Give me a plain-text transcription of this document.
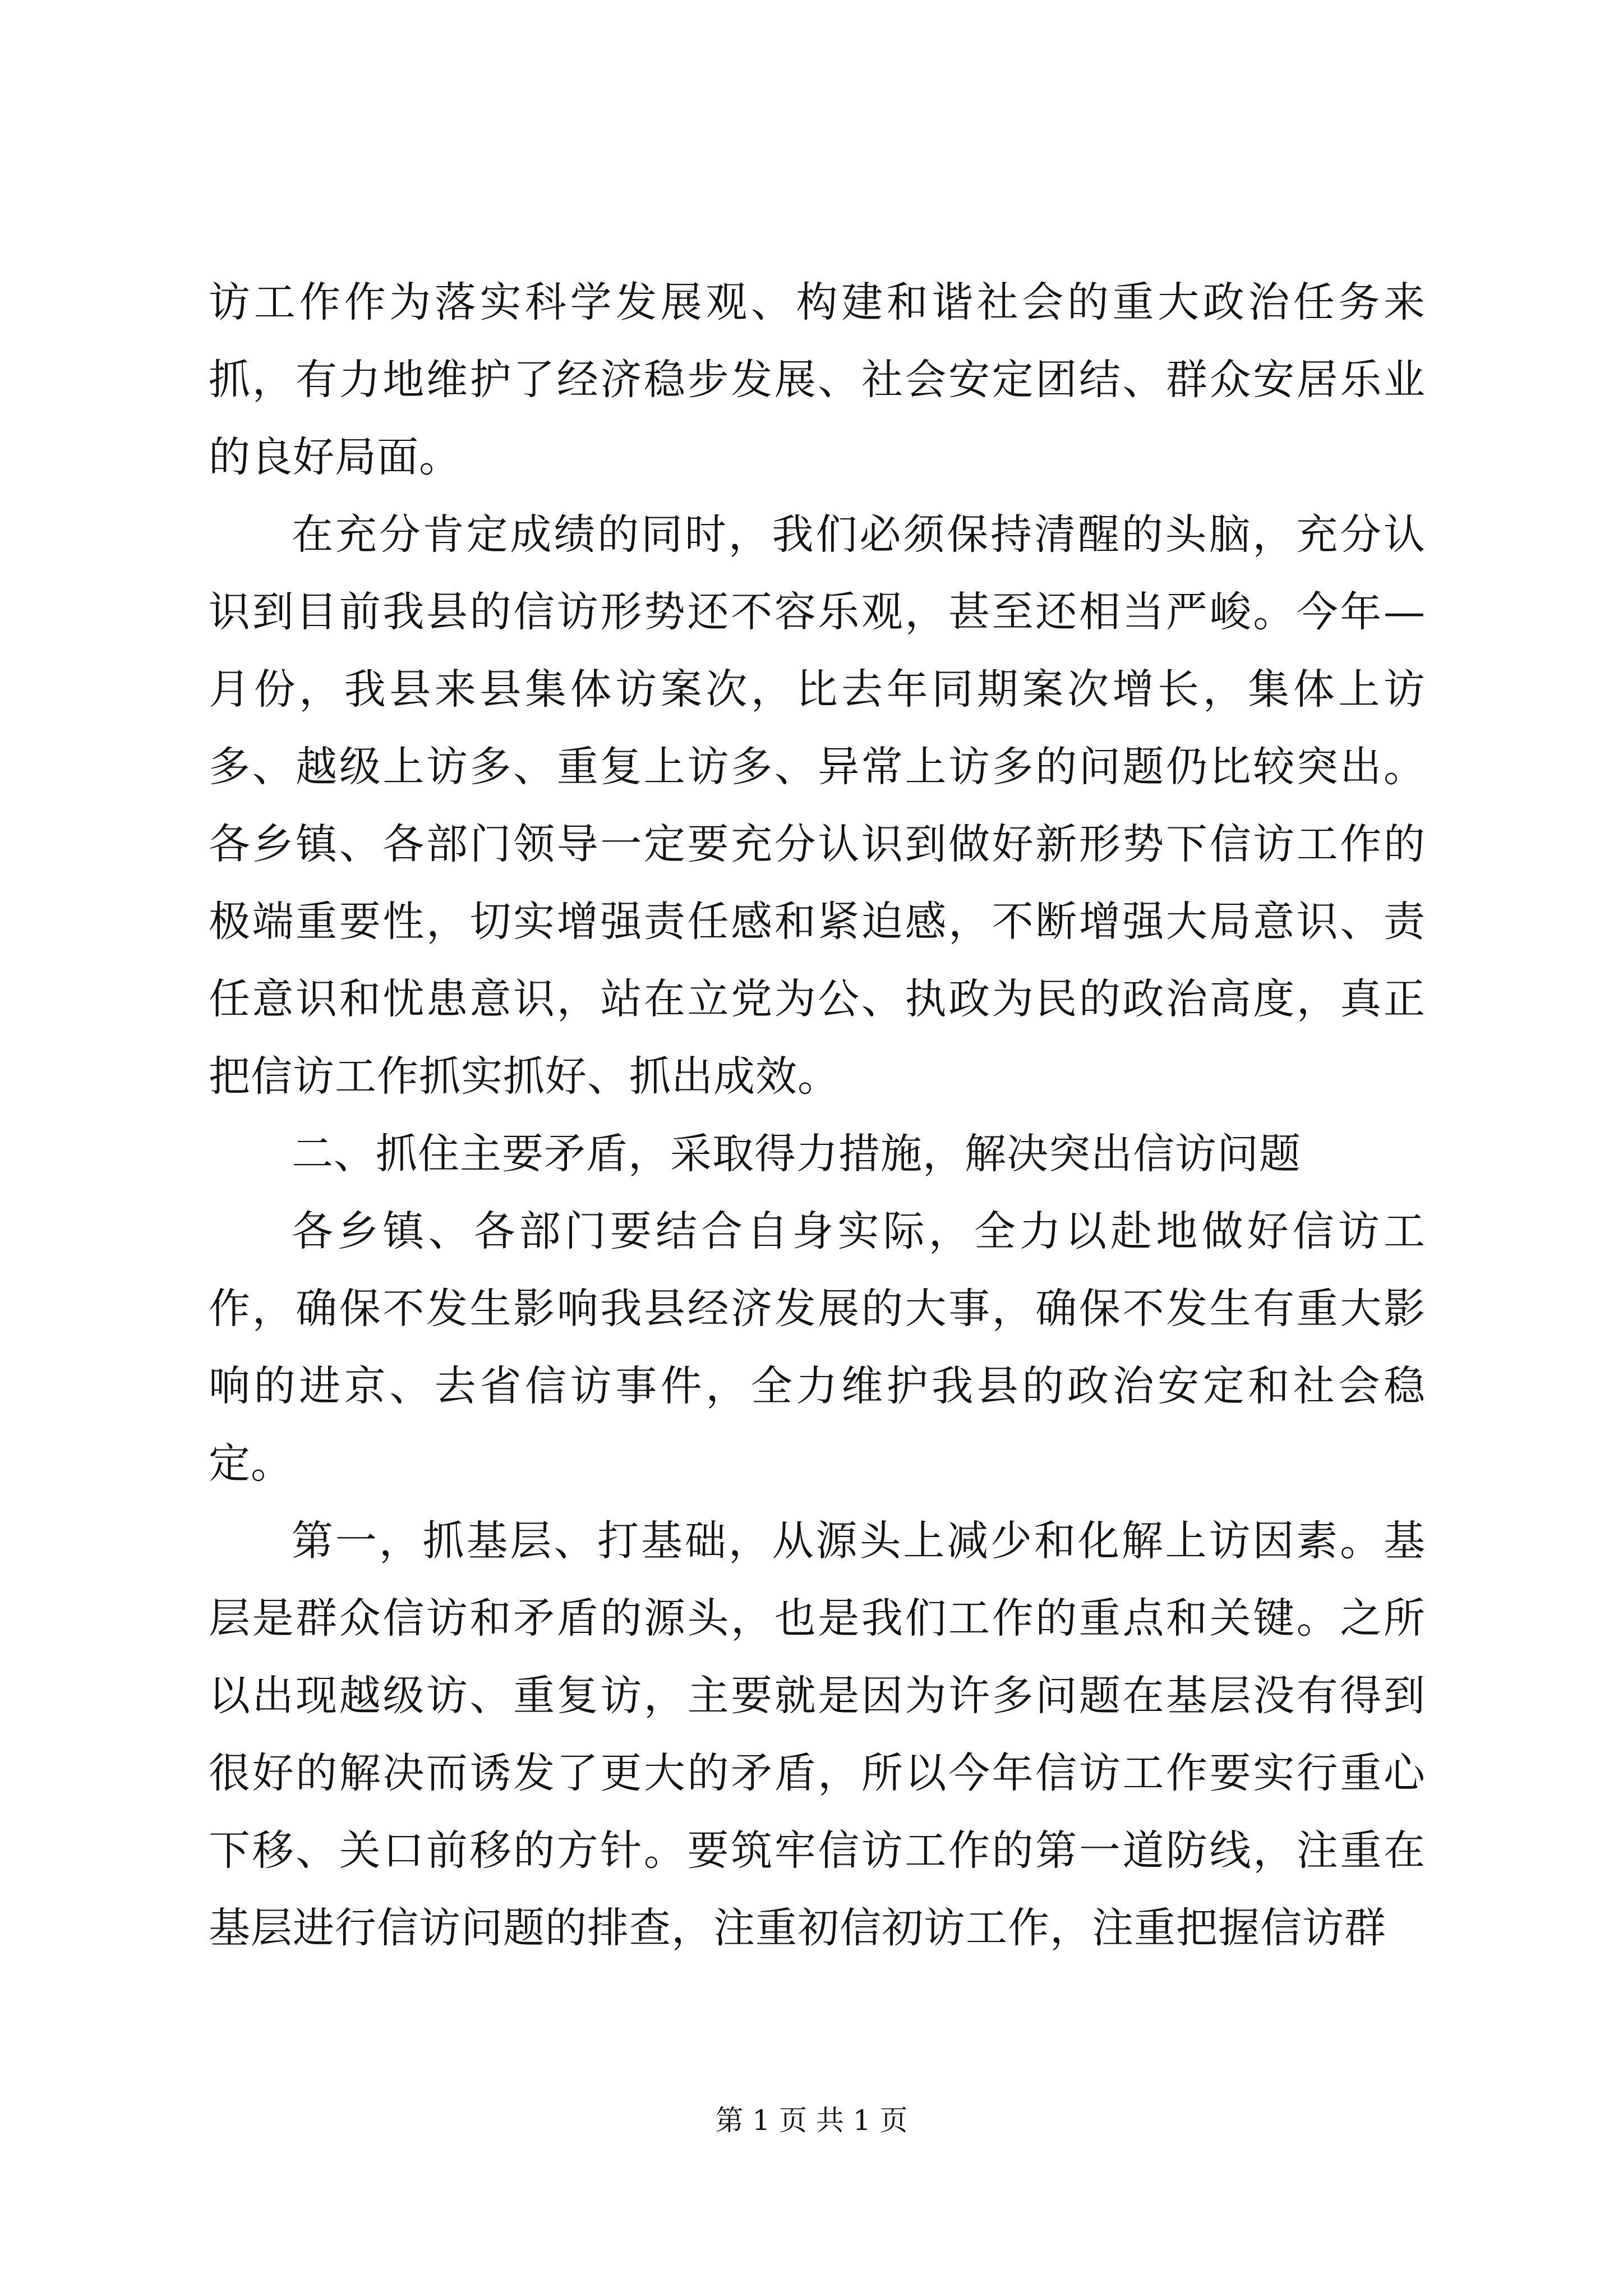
访工作作为落实科学发展观、构建和谐社会的重大政治任务来抓，有力地维护了经济稳步发展、社会安定团结、群众安居乐业的良好局面。

在充分肯定成绩的同时，我们必须保持清醒的头脑，充分认识到目前我县的信访形势还不容乐观，甚至还相当严峻。今年—月份，我县来县集体访案次，比去年同期案次增长，集体上访多、越级上访多、重复上访多、异常上访多的问题仍比较突出。各乡镇、各部门领导一定要充分认识到做好新形势下信访工作的极端重要性，切实增强责任感和紧迫感，不断增强大局意识、责任意识和忧患意识，站在立党为公、执政为民的政治高度，真正把信访工作抓实抓好、抓出成效。

二、抓住主要矛盾，采取得力措施，解决突出信访问题

各乡镇、各部门要结合自身实际，全力以赴地做好信访工作，确保不发生影响我县经济发展的大事，确保不发生有重大影响的进京、去省信访事件，全力维护我县的政治安定和社会稳定。

第一，抓基层、打基础，从源头上减少和化解上访因素。基层是群众信访和矛盾的源头，也是我们工作的重点和关键。之所以出现越级访、重复访，主要就是因为许多问题在基层没有得到很好的解决而诱发了更大的矛盾，所以今年信访工作要实行重心下移、关口前移的方针。要筑牢信访工作的第一道防线，注重在基层进行信访问题的排查，注重初信初访工作，注重把握信访群

第 1 页 共 1 页
